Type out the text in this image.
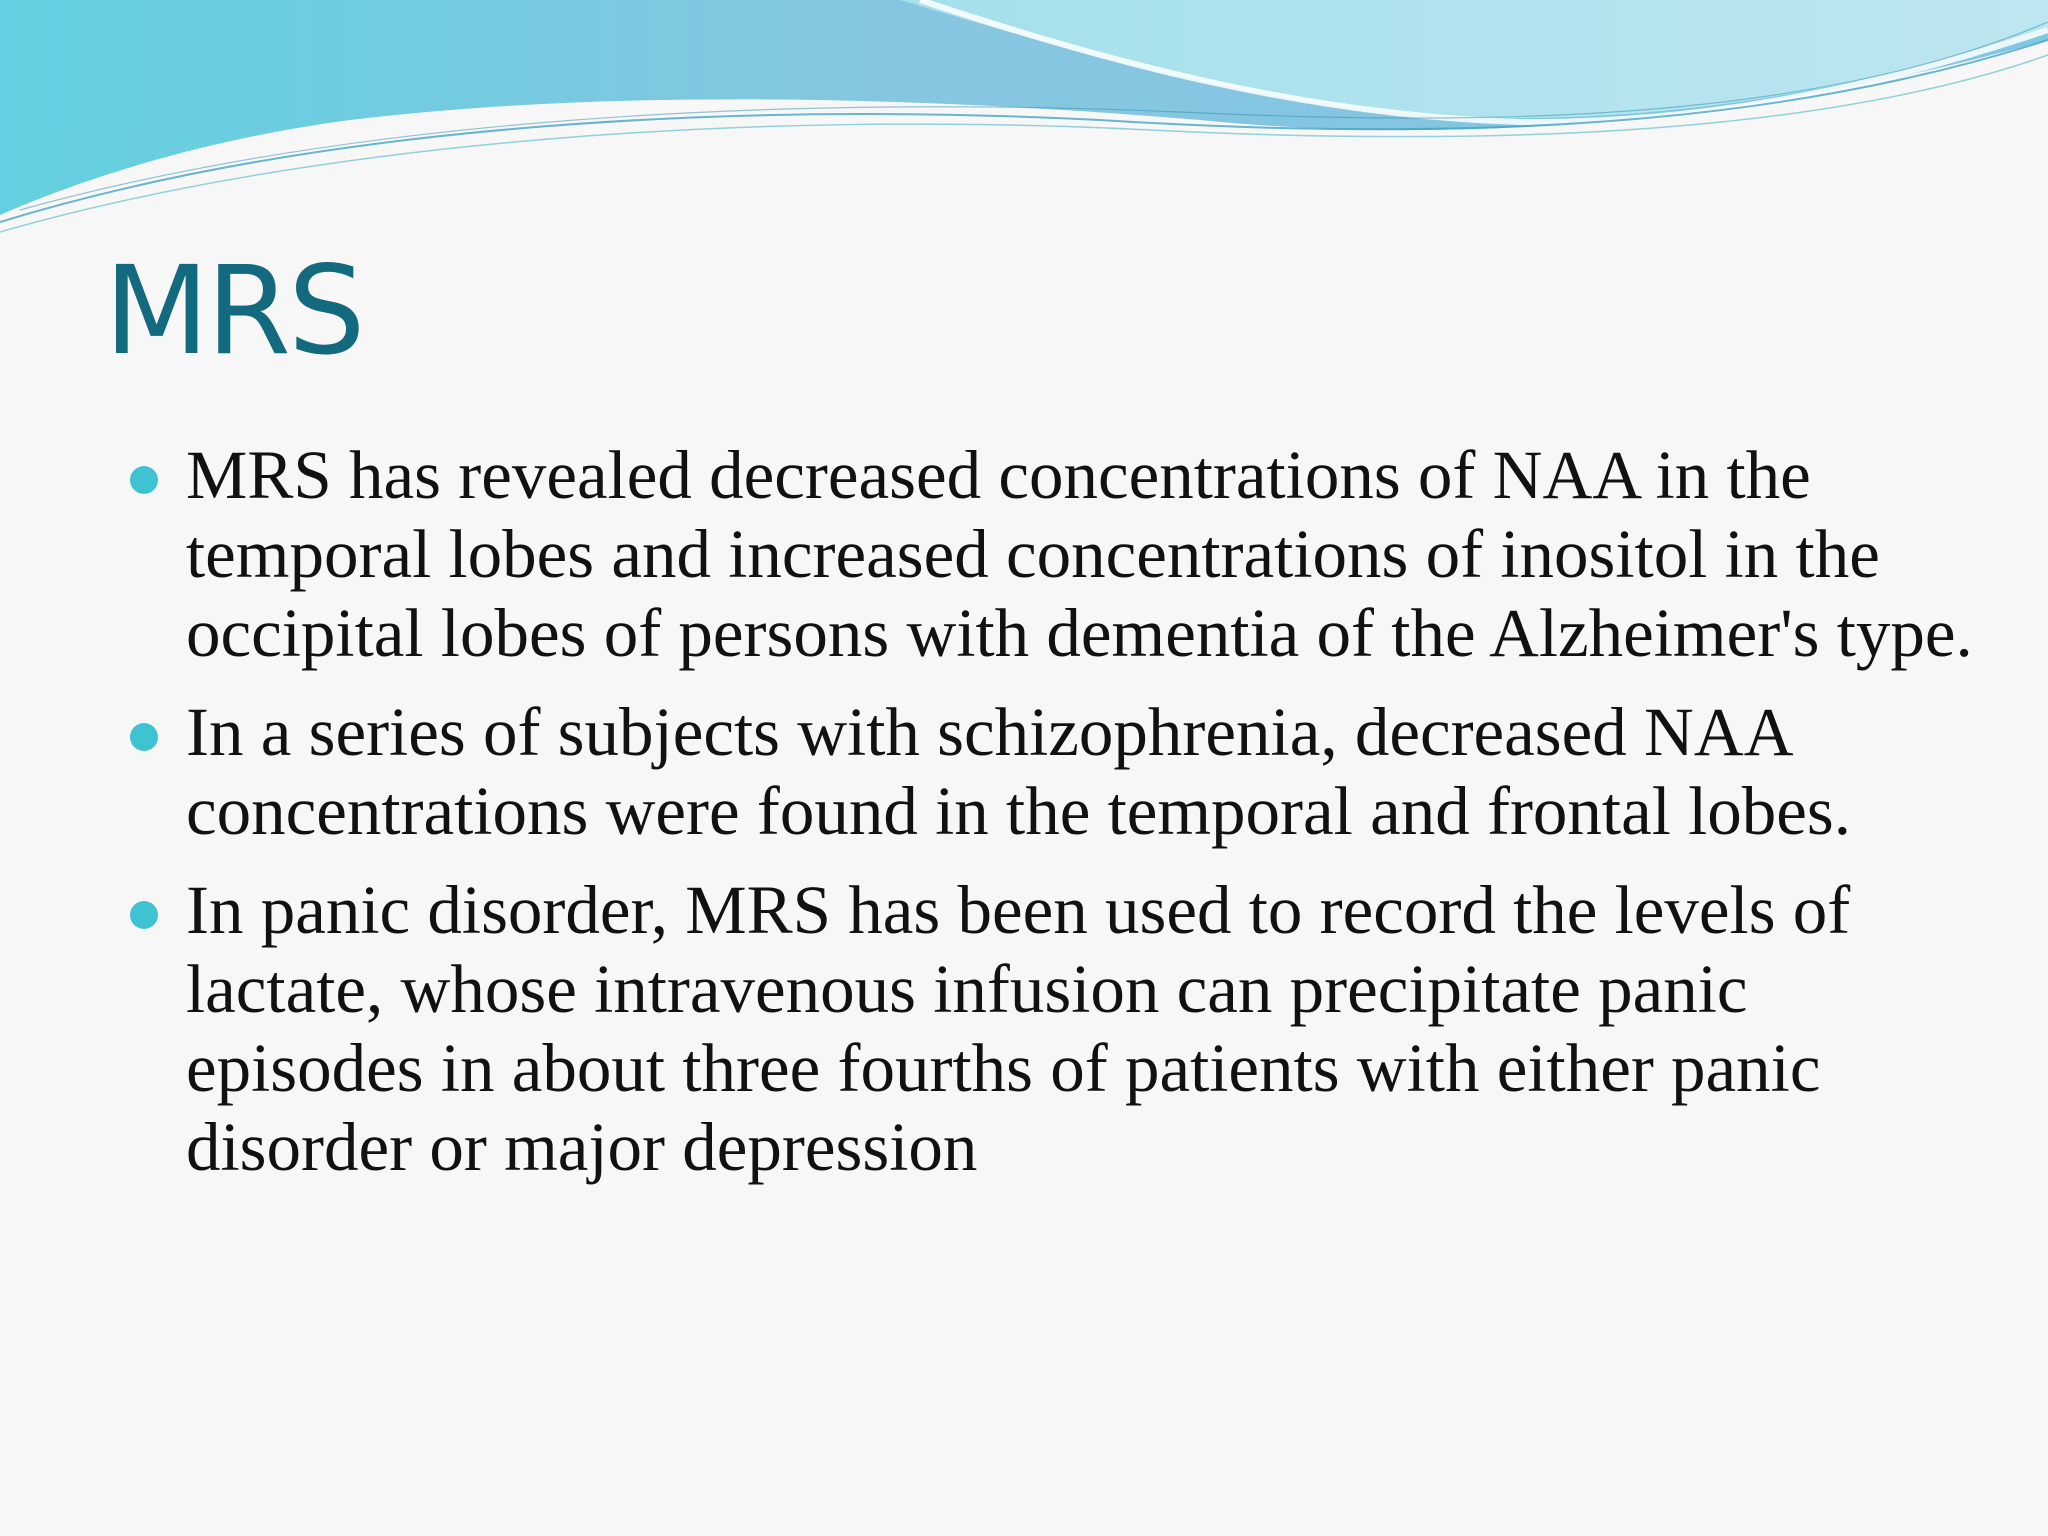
MRS
MRS has revealed decreased concentrations of NAA in the temporal lobes and increased concentrations of inositol in the occipital lobes of persons with dementia of the Alzheimer's type.
In a series of subjects with schizophrenia, decreased NAA concentrations were found in the temporal and frontal lobes.
In panic disorder, MRS has been used to record the levels of lactate, whose intravenous infusion can precipitate panic episodes in about three fourths of patients with either panic disorder or major depression
